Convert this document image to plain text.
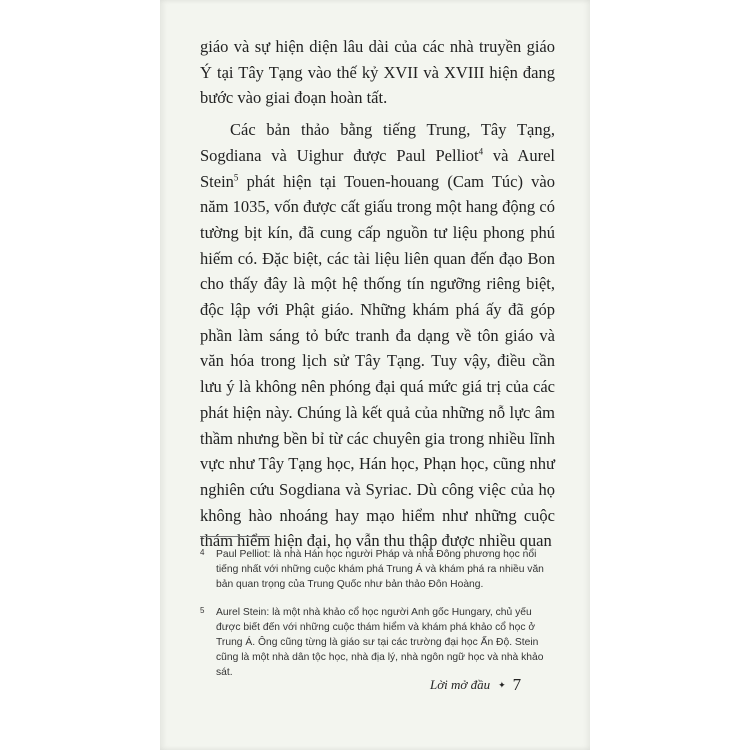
giáo và sự hiện diện lâu dài của các nhà truyền giáo Ý tại Tây Tạng vào thế kỷ XVII và XVIII hiện đang bước vào giai đoạn hoàn tất.

Các bản thảo bằng tiếng Trung, Tây Tạng, Sogdiana và Uighur được Paul Pelliot$^4$ và Aurel Stein$^5$ phát hiện tại Touen-houang (Cam Túc) vào năm 1035, vốn được cất giấu trong một hang động có tường bịt kín, đã cung cấp nguồn tư liệu phong phú hiếm có. Đặc biệt, các tài liệu liên quan đến đạo Bon cho thấy đây là một hệ thống tín ngưỡng riêng biệt, độc lập với Phật giáo. Những khám phá ấy đã góp phần làm sáng tỏ bức tranh đa dạng về tôn giáo và văn hóa trong lịch sử Tây Tạng. Tuy vậy, điều cần lưu ý là không nên phóng đại quá mức giá trị của các phát hiện này. Chúng là kết quả của những nỗ lực âm thầm nhưng bền bỉ từ các chuyên gia trong nhiều lĩnh vực như Tây Tạng học, Hán học, Phạn học, cũng như nghiên cứu Sogdiana và Syriac. Dù công việc của họ không hào nhoáng hay mạo hiểm như những cuộc thám hiểm hiện đại, họ vẫn thu thập được nhiều quan

4	Paul Pelliot: là nhà Hán học người Pháp và nhà Đông phương học nổi tiếng nhất với những cuộc khám phá Trung Á và khám phá ra nhiều văn bản quan trọng của Trung Quốc như bản thảo Đôn Hoàng.
5	Aurel Stein: là một nhà khảo cổ học người Anh gốc Hungary, chủ yếu được biết đến với những cuộc thám hiểm và khám phá khảo cổ học ở Trung Á. Ông cũng từng là giáo sư tại các trường đại học Ấn Độ. Stein cũng là một nhà dân tộc học, nhà địa lý, nhà ngôn ngữ học và nhà khảo sát.
Lời mở đầu ✦ 7
